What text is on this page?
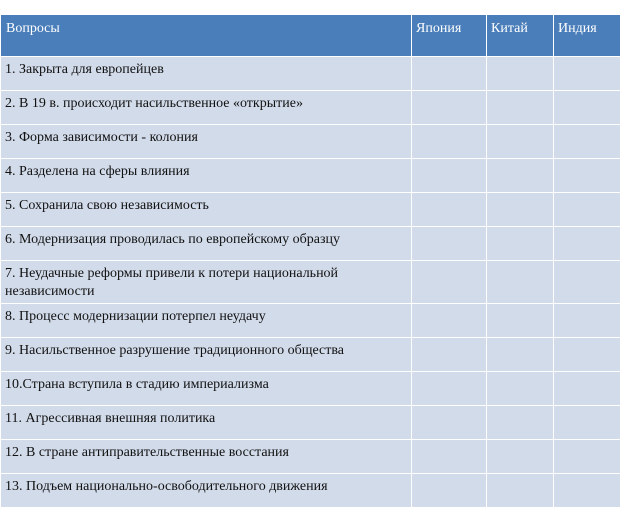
Вопросы	Япония	Китай	Индия
1. Закрыта для европейцев			
2. В 19 в. происходит насильственное «открытие»			
3. Форма зависимости - колония			
4. Разделена на сферы влияния			
5. Сохранила свою независимость			
6. Модернизация проводилась по европейскому образцу			
7. Неудачные реформы привели к потери национальной независимости			
8. Процесс модернизации потерпел неудачу			
9. Насильственное разрушение традиционного общества			
10.Страна вступила в стадию империализма			
11. Агрессивная внешняя политика			
12. В стране антиправительственные восстания			
13. Подъем национально-освободительного движения			
